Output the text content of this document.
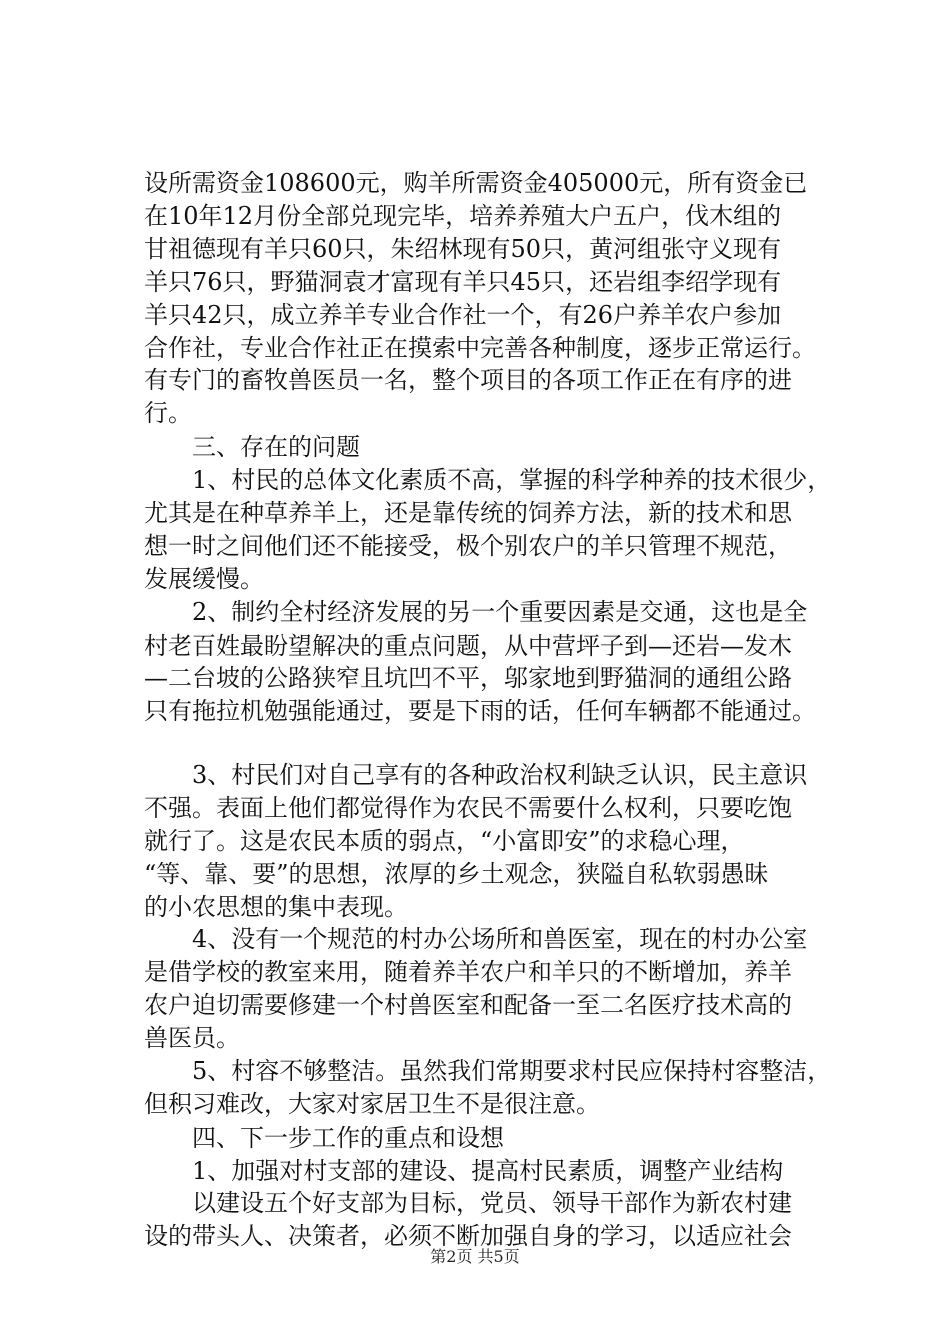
设所需资金108600元，购羊所需资金405000元，所有资金已
在10年12月份全部兑现完毕，培养养殖大户五户，伐木组的
甘祖德现有羊只60只，朱绍林现有50只，黄河组张守义现有
羊只76只，野猫洞袁才富现有羊只45只，还岩组李绍学现有
羊只42只，成立养羊专业合作社一个，有26户养羊农户参加
合作社，专业合作社正在摸索中完善各种制度，逐步正常运行。
有专门的畜牧兽医员一名，整个项目的各项工作正在有序的进
行。
　　三、存在的问题
　　1、村民的总体文化素质不高，掌握的科学种养的技术很少，
尤其是在种草养羊上，还是靠传统的饲养方法，新的技术和思
想一时之间他们还不能接受，极个别农户的羊只管理不规范，
发展缓慢。
　　2、制约全村经济发展的另一个重要因素是交通，这也是全
村老百姓最盼望解决的重点问题，从中营坪子到—还岩—发木
—二台坡的公路狭窄且坑凹不平，邬家地到野猫洞的通组公路
只有拖拉机勉强能通过，要是下雨的话，任何车辆都不能通过。
　　3、村民们对自己享有的各种政治权利缺乏认识，民主意识
不强。表面上他们都觉得作为农民不需要什么权利，只要吃饱
就行了。这是农民本质的弱点，“小富即安”的求稳心理，
“等、靠、要”的思想，浓厚的乡土观念，狭隘自私软弱愚昧
的小农思想的集中表现。
　　4、没有一个规范的村办公场所和兽医室，现在的村办公室
是借学校的教室来用，随着养羊农户和羊只的不断增加，养羊
农户迫切需要修建一个村兽医室和配备一至二名医疗技术高的
兽医员。
　　5、村容不够整洁。虽然我们常期要求村民应保持村容整洁，
但积习难改，大家对家居卫生不是很注意。
　　四、下一步工作的重点和设想
　　1、加强对村支部的建设、提高村民素质，调整产业结构
　　以建设五个好支部为目标，党员、领导干部作为新农村建
设的带头人、决策者，必须不断加强自身的学习，以适应社会
第2页 共5页
